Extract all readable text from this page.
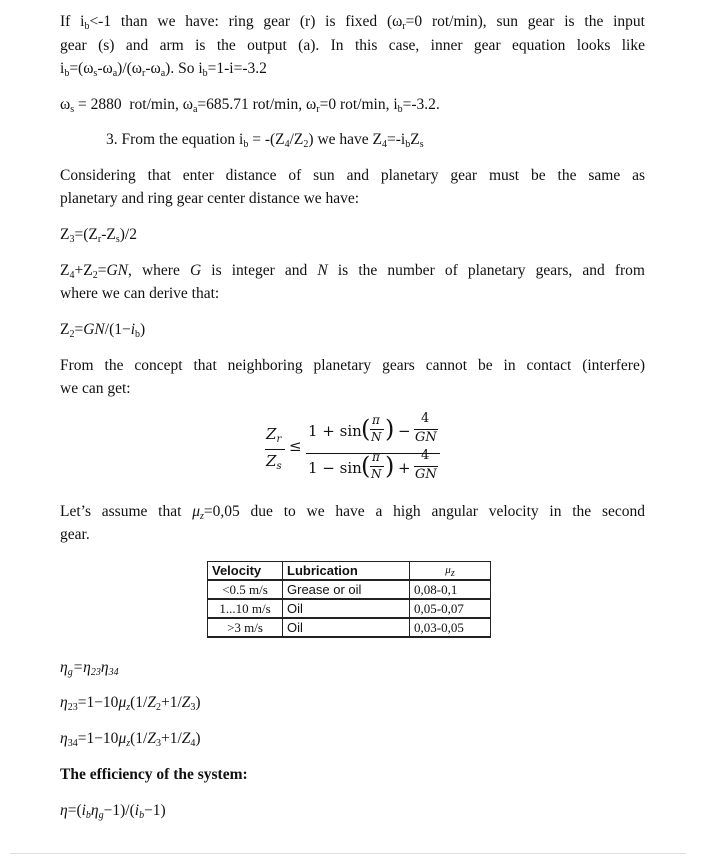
If $i_b<-1$ than we have: ring gear (r) is fixed ($\omega_r=0$ rot/min), sun gear is the input
gear (s) and arm is the output (a). In this case, inner gear equation looks like
$i_b=(\omega_s-\omega_a)/(\omega_r-\omega_a)$. So $i_b=1-i=-3.2$
$\omega_s = 2880$  rot/min, $\omega_a=685.71$ rot/min, $\omega_r=0$ rot/min, $i_b=-3.2$.
3. From the equation $i_b = -(Z_4/Z_2)$ we have $Z_4=-i_bZ_s$
Considering that enter distance of sun and planetary gear must be the same as
planetary and ring gear center distance we have:
$Z_3=(Z_r-Z_s)/2$
$Z_4+Z_2=GN$, where G is integer and N is the number of planetary gears, and from
where we can derive that:
$Z_2=GN/(1-i_b)$
From the concept that neighboring planetary gears cannot be in contact (interfere)
we can get:
$Z_r$
$Z_s$
≤
1 + sin ( π
N ) −
4
GN
1 − sin ( π
N ) +
4
GN
Let’s assume that $\mu_z=0,05$ due to we have a high angular velocity in the second
gear.
Velocity	Lubrication	$\mu_z$
<0.5 m/s	Grease or oil	0,08-0,1
1...10 m/s	Oil	0,05-0,07
>3 m/s	Oil	0,03-0,05
$\eta_g=\eta_{23}\eta_{34}$
$\eta_{23}=1-10\mu_z(1/Z_2+1/Z_3)$
$\eta_{34}=1-10\mu_z(1/Z_3+1/Z_4)$
The efficiency of the system:
$\eta=(i_b\eta_g-1)/(i_b-1)$
